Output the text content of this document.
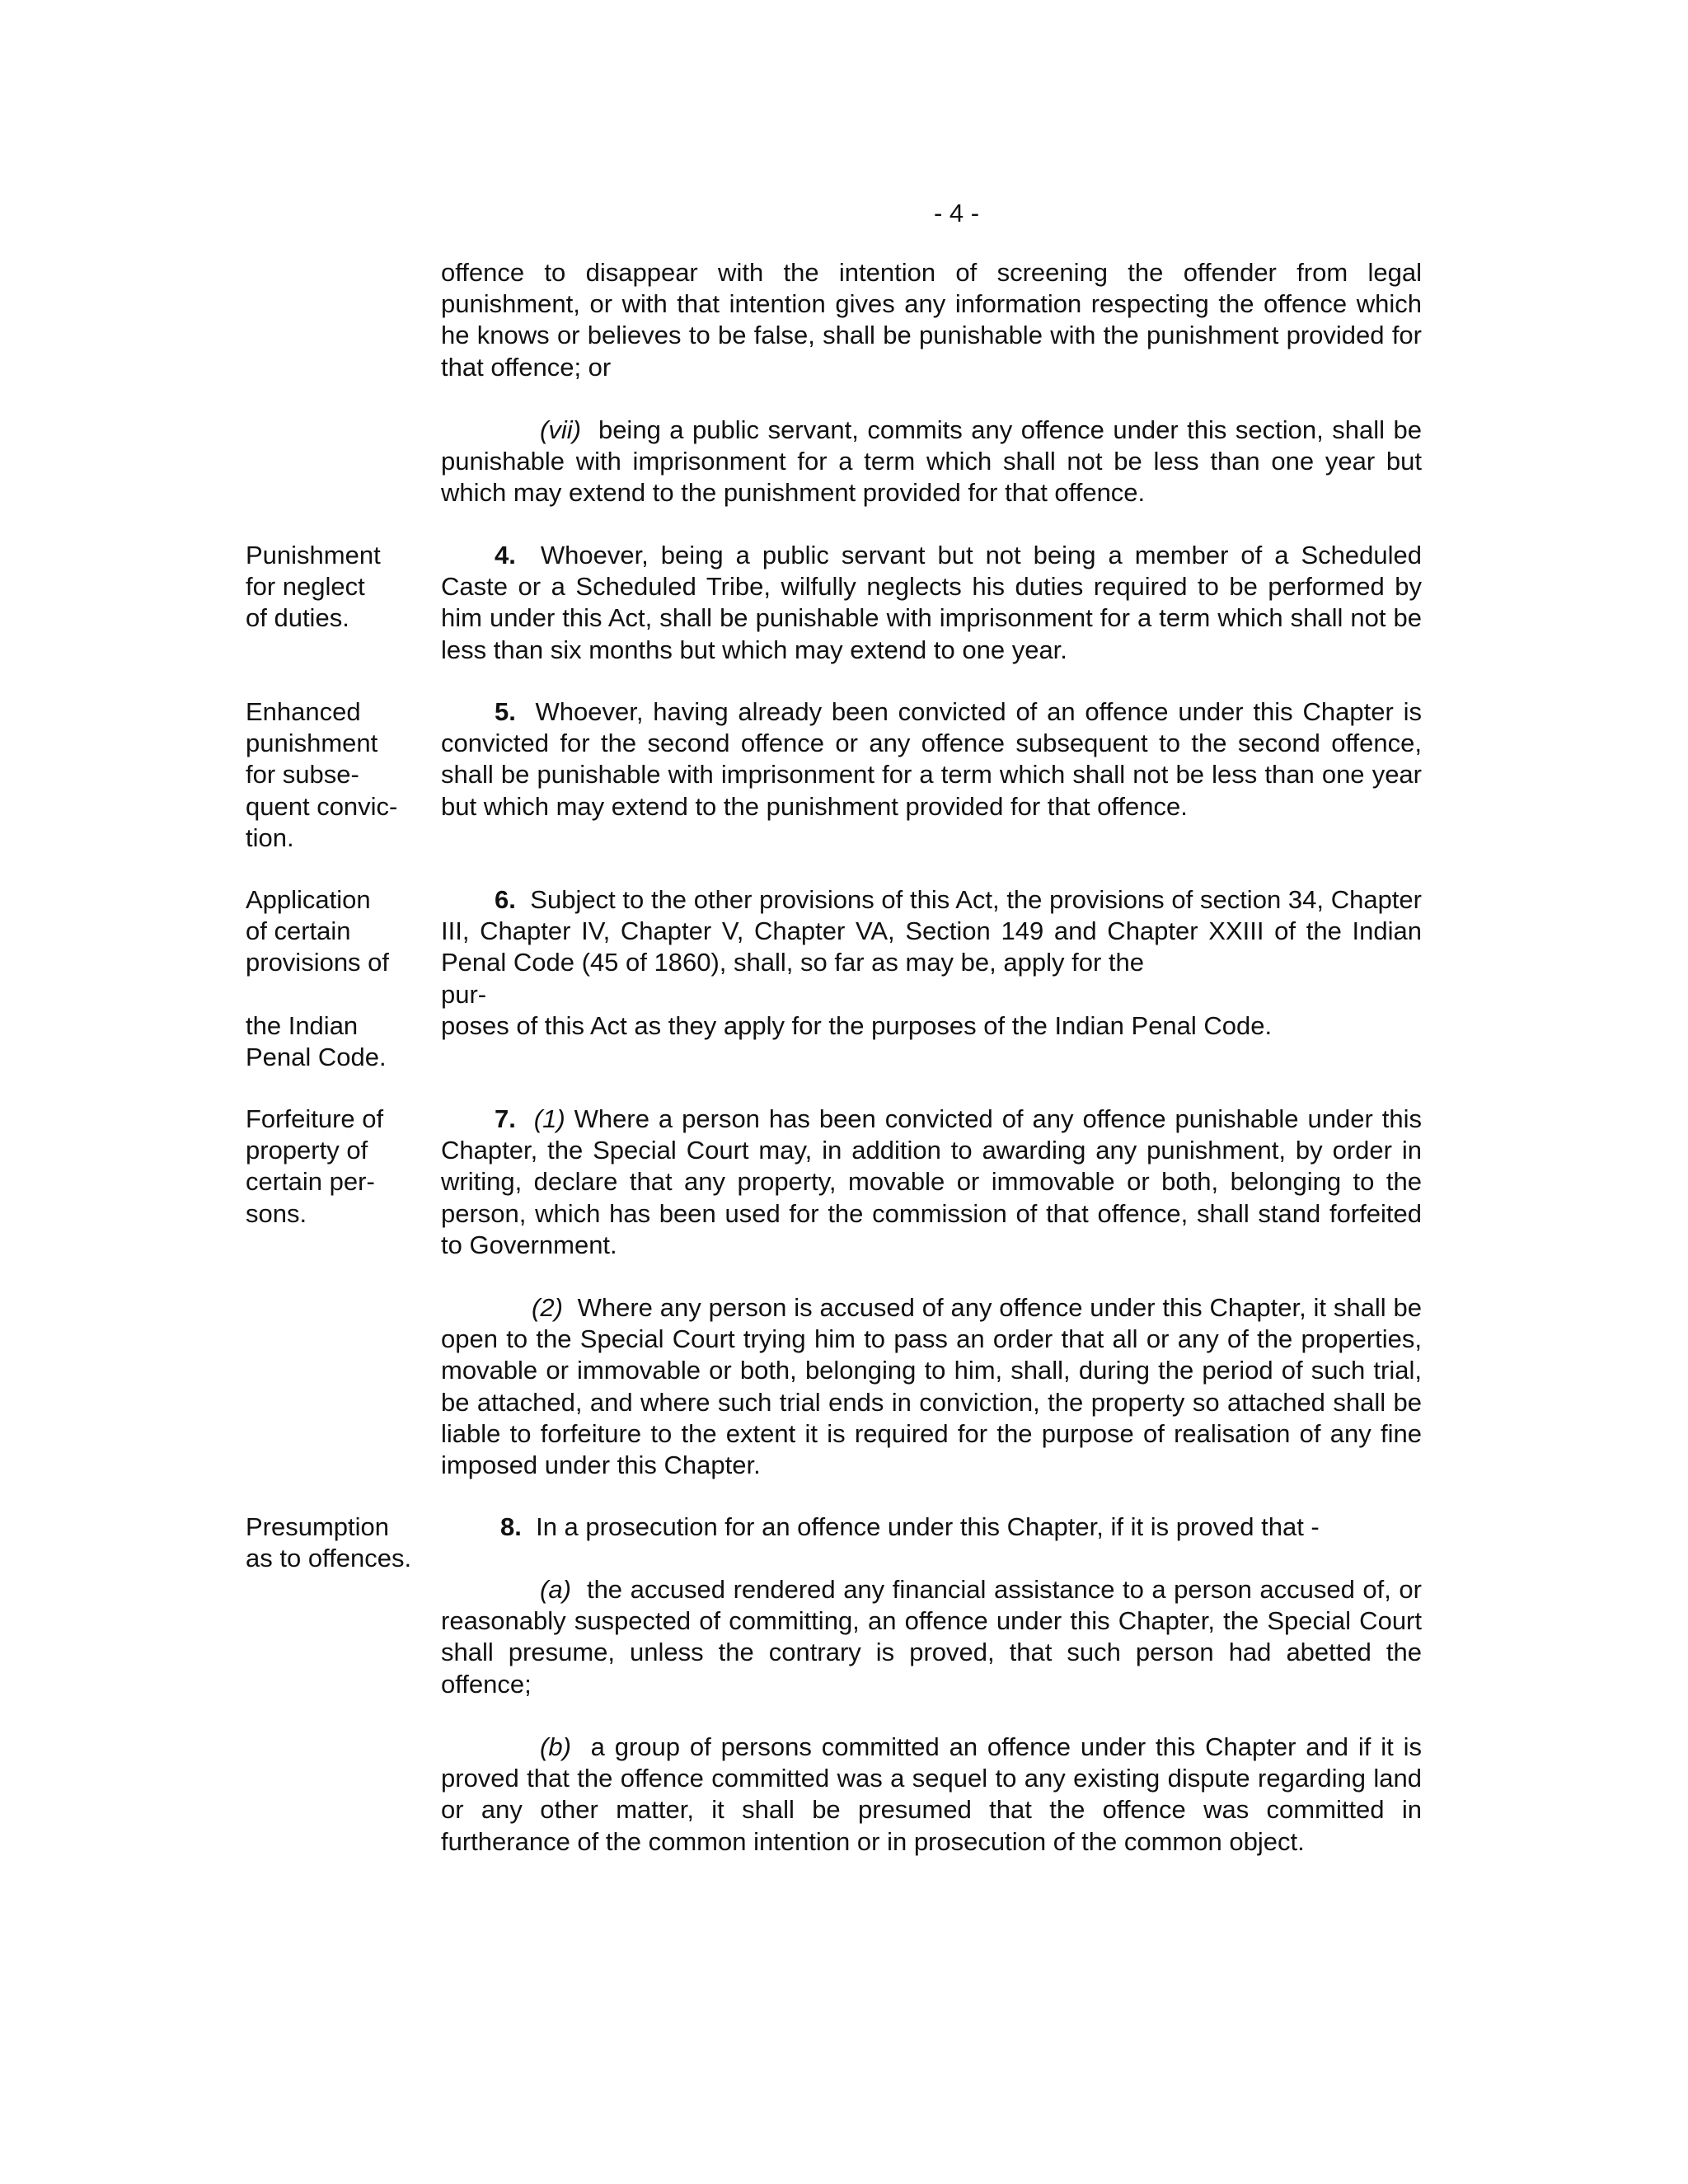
- 4 -

offence to disappear with the intention of screening the offender from legal punishment, or with that intention gives any information respecting the offence which he knows or believes to be false, shall be punishable with the punishment provided for that offence; or

(vii) being a public servant, commits any offence under this section, shall be punishable with imprisonment for a term which shall not be less than one year but which may extend to the punishment provided for that offence.

Punishment
for neglect
of duties.

4. Whoever, being a public servant but not being a member of a Scheduled Caste or a Scheduled Tribe, wilfully neglects his duties required to be performed by him under this Act, shall be punishable with imprisonment for a term which shall not be less than six months but which may extend to one year.

Enhanced
punishment
for subse-
quent convic-
tion.

5. Whoever, having already been convicted of an offence under this Chapter is convicted for the second offence or any offence subsequent to the second offence, shall be punishable with imprisonment for a term which shall not be less than one year but which may extend to the punishment provided for that offence.

Application
of certain
provisions of
the Indian
Penal Code.

6. Subject to the other provisions of this Act, the provisions of section 34, Chapter III, Chapter IV, Chapter V, Chapter VA, Section 149 and Chapter XXIII of the Indian Penal Code (45 of 1860), shall, so far as may be, apply for the

pur-

poses of this Act as they apply for the purposes of the Indian Penal Code.

Forfeiture of
property of
certain per-
sons.

7. (1) Where a person has been convicted of any offence punishable under this Chapter, the Special Court may, in addition to awarding any punishment, by order in writing, declare that any property, movable or immovable or both, belonging to the person, which has been used for the commission of that offence, shall stand forfeited to Government.

(2) Where any person is accused of any offence under this Chapter, it shall be open to the Special Court trying him to pass an order that all or any of the properties, movable or immovable or both, belonging to him, shall, during the period of such trial, be attached, and where such trial ends in conviction, the property so attached shall be liable to forfeiture to the extent it is required for the purpose of realisation of any fine imposed under this Chapter.

Presumption
as to offences.

8. In a prosecution for an offence under this Chapter, if it is proved that -

(a) the accused rendered any financial assistance to a person accused of, or reasonably suspected of committing, an offence under this Chapter, the Special Court shall presume, unless the contrary is proved, that such person had abetted the offence;

(b) a group of persons committed an offence under this Chapter and if it is proved that the offence committed was a sequel to any existing dispute regarding land or any other matter, it shall be presumed that the offence was committed in furtherance of the common intention or in prosecution of the common object.
